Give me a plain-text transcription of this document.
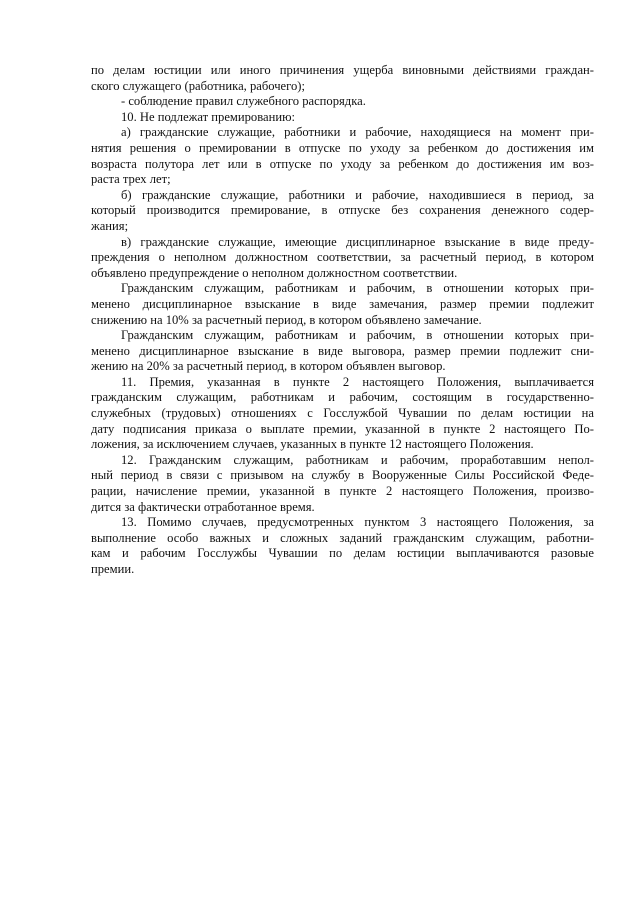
по делам юстиции или иного причинения ущерба виновными действиями граждан-
ского служащего (работника, рабочего);
- соблюдение правил служебного распорядка.
10. Не подлежат премированию:
а) гражданские служащие, работники и рабочие, находящиеся на момент при-
нятия решения о премировании в отпуске по уходу за ребенком до достижения им
возраста полутора лет или в отпуске по уходу за ребенком до достижения им воз-
раста трех лет;
б) гражданские служащие, работники и рабочие, находившиеся в период, за
который производится премирование, в отпуске без сохранения денежного содер-
жания;
в) гражданские служащие, имеющие дисциплинарное взыскание в виде преду-
преждения о неполном должностном соответствии, за расчетный период, в котором
объявлено предупреждение о неполном должностном соответствии.
Гражданским служащим, работникам и рабочим, в отношении которых при-
менено дисциплинарное взыскание в виде замечания, размер премии подлежит
снижению на 10% за расчетный период, в котором объявлено замечание.
Гражданским служащим, работникам и рабочим, в отношении которых при-
менено дисциплинарное взыскание в виде выговора, размер премии подлежит сни-
жению на 20% за расчетный период, в котором объявлен выговор.
11. Премия, указанная в пункте 2 настоящего Положения, выплачивается
гражданским служащим, работникам и рабочим, состоящим в государственно-
служебных (трудовых) отношениях с Госслужбой Чувашии по делам юстиции на
дату подписания приказа о выплате премии, указанной в пункте 2 настоящего По-
ложения, за исключением случаев, указанных в пункте 12 настоящего Положения.
12. Гражданским служащим, работникам и рабочим, проработавшим непол-
ный период в связи с призывом на службу в Вооруженные Силы Российской Феде-
рации, начисление премии, указанной в пункте 2 настоящего Положения, произво-
дится за фактически отработанное время.
13. Помимо случаев, предусмотренных пунктом 3 настоящего Положения, за
выполнение особо важных и сложных заданий гражданским служащим, работни-
кам и рабочим Госслужбы Чувашии по делам юстиции выплачиваются разовые
премии.
